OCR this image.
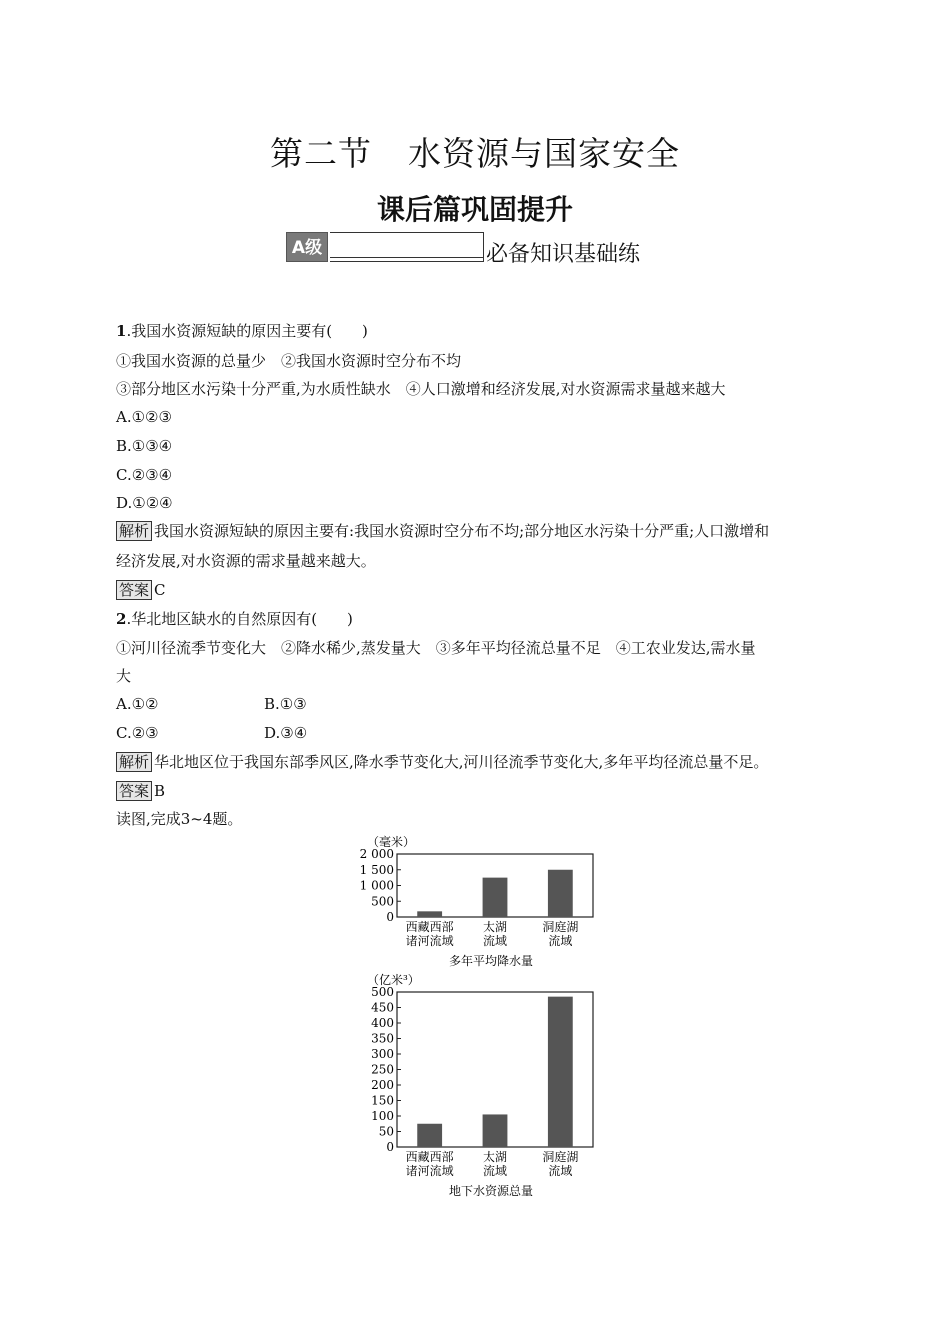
第二节 水资源与国家安全
课后篇巩固提升
A级	必备知识基础练
1.我国水资源短缺的原因主要有(　　)
①我国水资源的总量少　②我国水资源时空分布不均
③部分地区水污染十分严重,为水质性缺水　④人口激增和经济发展,对水资源需求量越来越大
A.①②③
B.①③④
C.②③④
D.①②④
解析 我国水资源短缺的原因主要有:我国水资源时空分布不均;部分地区水污染十分严重;人口激增和
经济发展,对水资源的需求量越来越大。
答案 C
2.华北地区缺水的自然原因有(　　)
①河川径流季节变化大　②降水稀少,蒸发量大　③多年平均径流总量不足　④工农业发达,需水量
大
A.①②	B.①③
C.②③	D.③④
解析 华北地区位于我国东部季风区,降水季节变化大,河川径流季节变化大,多年平均径流总量不足。
答案 B
读图,完成3~4题。
（毫米）
2 000
1 500
1 000
500
0
西藏西部
诸河流域
太湖
流域
洞庭湖
流域
多年平均降水量
（亿米³）
500
450
400
350
300
250
200
150
100
50
0
西藏西部
诸河流域
太湖
流域
洞庭湖
流域
地下水资源总量
